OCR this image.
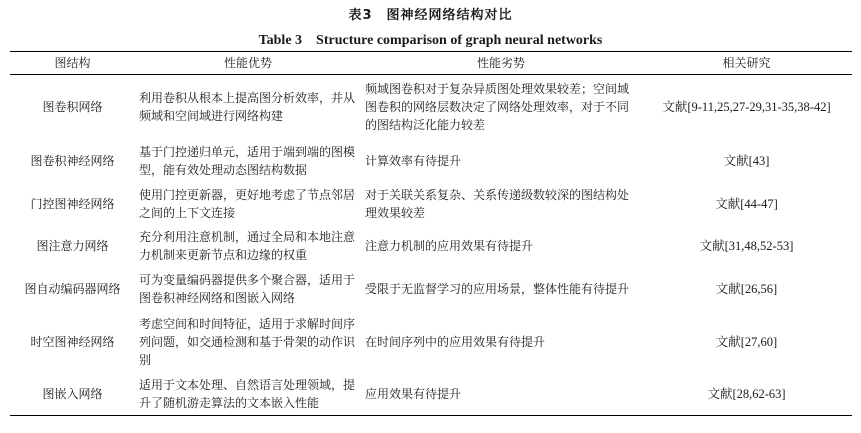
表3　图神经网络结构对比
Table 3　Structure comparison of graph neural networks
图结构	性能优势	性能劣势	相关研究
图卷积网络	利用卷积从根本上提高图分析效率，并从频域和空间域进行网络构建	频域图卷积对于复杂异质图处理效果较差；空间域图卷积的网络层数决定了网络处理效率，对于不同的图结构泛化能力较差	文献[9-11,25,27-29,31-35,38-42]
图卷积神经网络	基于门控递归单元，适用于端到端的图模型，能有效处理动态图结构数据	计算效率有待提升	文献[43]
门控图神经网络	使用门控更新器，更好地考虑了节点邻居之间的上下文连接	对于关联关系复杂、关系传递级数较深的图结构处理效果较差	文献[44-47]
图注意力网络	充分利用注意机制，通过全局和本地注意力机制来更新节点和边缘的权重	注意力机制的应用效果有待提升	文献[31,48,52-53]
图自动编码器网络	可为变量编码器提供多个聚合器，适用于图卷积神经网络和图嵌入网络	受限于无监督学习的应用场景，整体性能有待提升	文献[26,56]
时空图神经网络	考虑空间和时间特征，适用于求解时间序列问题，如交通检测和基于骨架的动作识别	在时间序列中的应用效果有待提升	文献[27,60]
图嵌入网络	适用于文本处理、自然语言处理领域，提升了随机游走算法的文本嵌入性能	应用效果有待提升	文献[28,62-63]
